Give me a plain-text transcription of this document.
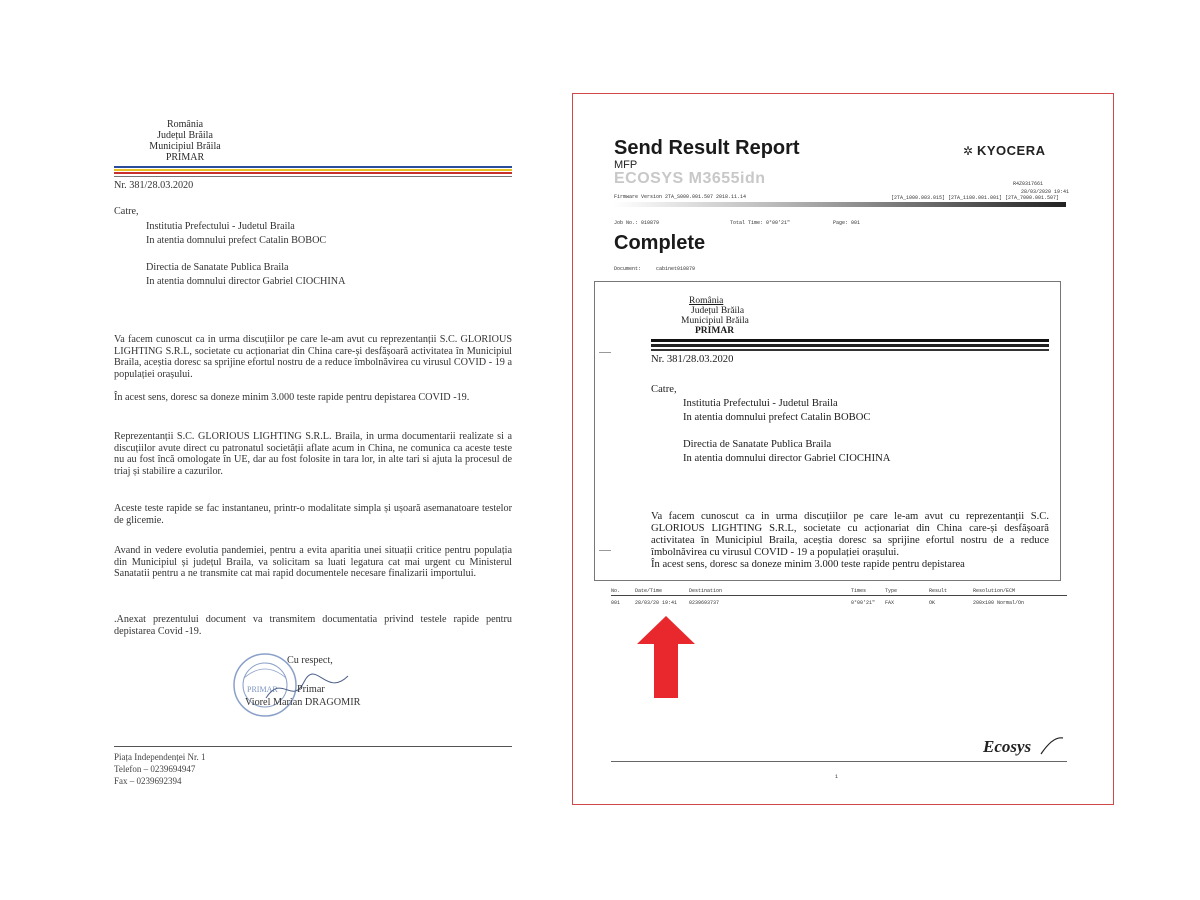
România
Județul Brăila
Municipiul Brăila
PRIMAR
Nr. 381/28.03.2020
Catre,
Institutia Prefectului - Judetul Braila
In atentia domnului prefect Catalin BOBOC
Directia de Sanatate Publica Braila
In atentia domnului director Gabriel CIOCHINA
Va facem cunoscut ca in urma discuțiilor pe care le-am avut cu reprezentanții S.C. GLORIOUS LIGHTING S.R.L, societate cu acționariat din China care-și desfășoară activitatea în Municipiul Braila, aceștia doresc sa sprijine efortul nostru de a reduce îmbolnăvirea cu virusul COVID - 19 a populației orașului.
În acest sens, doresc sa doneze minim 3.000 teste rapide pentru depistarea COVID -19.
Reprezentanții S.C. GLORIOUS LIGHTING S.R.L. Braila, in urma documentarii realizate si a discuțiilor avute direct cu patronatul societății aflate acum in China, ne comunica ca aceste teste nu au fost încă omologate în UE, dar au fost folosite in tara lor, in alte tari si ajuta la procesul de triaj și stabilire a cazurilor.
Aceste teste rapide se fac instantaneu, printr-o modalitate simpla și ușoară asemanatoare testelor de glicemie.
Avand in vedere evolutia pandemiei, pentru a evita aparitia unei situații critice pentru populația din Municipiul și județul Braila, va solicitam sa luati legatura cat mai urgent cu Ministerul Sanatatii pentru a ne transmite cat mai rapid documentele necesare finalizarii importului.
.Anexat prezentului document va transmitem documentatia privind testele rapide pentru depistarea Covid -19.
Cu respect,
PRIMAR Primar
Viorel Marian DRAGOMIR
Piața Independenței Nr. 1
Telefon – 0239694947
Fax – 0239692394
Send Result Report
MFP
ECOSYS M3655idn
KYOCERA
✲
Firmware Version 2TA_S000.001.507 2018.11.14
R4Z0317661
28/03/2020 19:41
[2TA_1000.003.015] [2TA_1100.001.001] [2TA_7000.001.507]
Job No.: 010879	Total Time: 0°00'21"	Page: 001
Complete
Document:	cabinet010879
România
Județul Brăila
Municipiul Brăila
PRIMAR
Nr. 381/28.03.2020
Catre,
Institutia Prefectului - Judetul Braila
In atentia domnului prefect Catalin BOBOC
Directia de Sanatate Publica Braila
In atentia domnului director Gabriel CIOCHINA
Va facem cunoscut ca in urma discuțiilor pe care le-am avut cu reprezentanții S.C. GLORIOUS LIGHTING S.R.L, societate cu acționariat din China care-și desfășoară activitatea în Municipiul Braila, aceștia doresc sa sprijine efortul nostru de a reduce îmbolnăvirea cu virusul COVID - 19 a populației orașului.
În acest sens, doresc sa doneze minim 3.000 teste rapide pentru depistarea
No.	Date/Time	Destination	Times	Type	Result	Resolution/ECM
001	28/03/20 19:41 0239693737	0°00'21" FAX	OK	200x100 Normal/On
Ecosys
1
